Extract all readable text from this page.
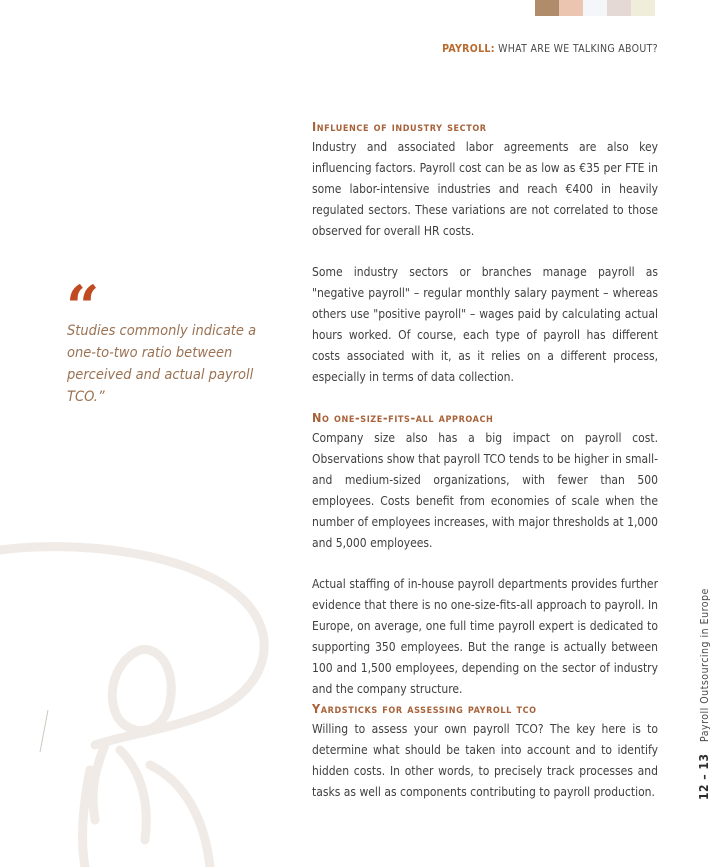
PAYROLL: WHAT ARE WE TALKING ABOUT?
“
Studies commonly indicate a one-to-two ratio between perceived and actual payroll TCO.”
Influence of industry sector

Industry and associated labor agreements are also key influencing factors. Payroll cost can be as low as €35 per FTE in some labor-intensive industries and reach €400 in heavily regulated sectors. These variations are not correlated to those observed for overall HR costs.

Some industry sectors or branches manage payroll as "negative payroll" – regular monthly salary payment – whereas others use "positive payroll" – wages paid by calculating actual hours worked. Of course, each type of payroll has different costs associated with it, as it relies on a different process, especially in terms of data collection.

No one-size-fits-all approach

Company size also has a big impact on payroll cost. Observations show that payroll TCO tends to be higher in small- and medium-sized organizations, with fewer than 500 employees. Costs benefit from economies of scale when the number of employees increases, with major thresholds at 1,000 and 5,000 employees.

Actual staffing of in-house payroll departments provides further evidence that there is no one-size-fits-all approach to payroll. In Europe, on average, one full time payroll expert is dedicated to supporting 350 employees. But the range is actually between 100 and 1,500 employees, depending on the sector of industry and the company structure.

Yardsticks for assessing payroll tco

Willing to assess your own payroll TCO? The key here is to determine what should be taken into account and to identify hidden costs. In other words, to precisely track processes and tasks as well as components contributing to payroll production.	12 – 13 Payroll Outsourcing in Europe
